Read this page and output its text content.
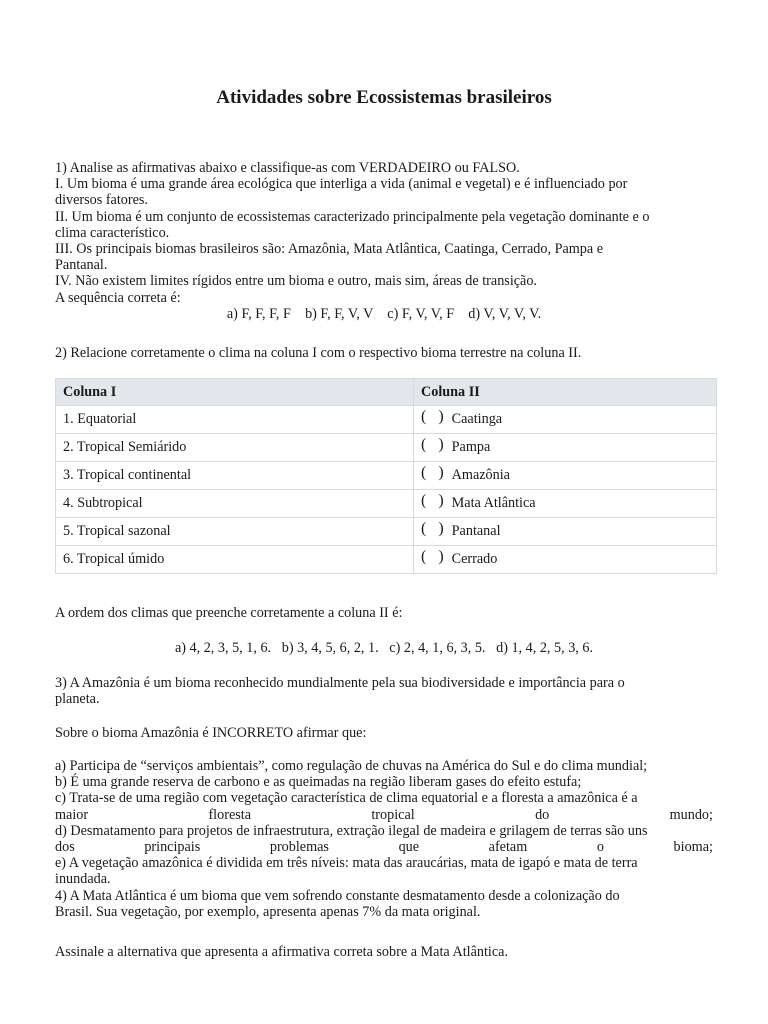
Atividades sobre Ecossistemas brasileiros
1) Analise as afirmativas abaixo e classifique-as com VERDADEIRO ou FALSO.
I. Um bioma é uma grande área ecológica que interliga a vida (animal e vegetal) e é influenciado por
diversos fatores.
II. Um bioma é um conjunto de ecossistemas caracterizado principalmente pela vegetação dominante e o
clima característico.
III. Os principais biomas brasileiros são: Amazônia, Mata Atlântica, Caatinga, Cerrado, Pampa e
Pantanal.
IV. Não existem limites rígidos entre um bioma e outro, mais sim, áreas de transição.
A sequência correta é:
a) F, F, F, F    b) F, F, V, V    c) F, V, V, F    d) V, V, V, V.
2) Relacione corretamente o clima na coluna I com o respectivo bioma terrestre na coluna II.
Coluna I	Coluna II
1. Equatorial	( ) Caatinga
2. Tropical Semiárido	( ) Pampa
3. Tropical continental	( ) Amazônia
4. Subtropical	( ) Mata Atlântica
5. Tropical sazonal	( ) Pantanal
6. Tropical úmido	( ) Cerrado
A ordem dos climas que preenche corretamente a coluna II é:
a) 4, 2, 3, 5, 1, 6.   b) 3, 4, 5, 6, 2, 1.   c) 2, 4, 1, 6, 3, 5.   d) 1, 4, 2, 5, 3, 6.
3) A Amazônia é um bioma reconhecido mundialmente pela sua biodiversidade e importância para o
planeta.
Sobre o bioma Amazônia é INCORRETO afirmar que:
a) Participa de “serviços ambientais”, como regulação de chuvas na América do Sul e do clima mundial;
b) É uma grande reserva de carbono e as queimadas na região liberam gases do efeito estufa;
c) Trata-se de uma região com vegetação característica de clima equatorial e a floresta a amazônica é a
maior	floresta	tropical	do	mundo;
d) Desmatamento para projetos de infraestrutura, extração ilegal de madeira e grilagem de terras são uns
dos	principais	problemas	que	afetam	o	bioma;
e) A vegetação amazônica é dividida em três níveis: mata das araucárias, mata de igapó e mata de terra
inundada.
4) A Mata Atlântica é um bioma que vem sofrendo constante desmatamento desde a colonização do
Brasil. Sua vegetação, por exemplo, apresenta apenas 7% da mata original.
Assinale a alternativa que apresenta a afirmativa correta sobre a Mata Atlântica.
